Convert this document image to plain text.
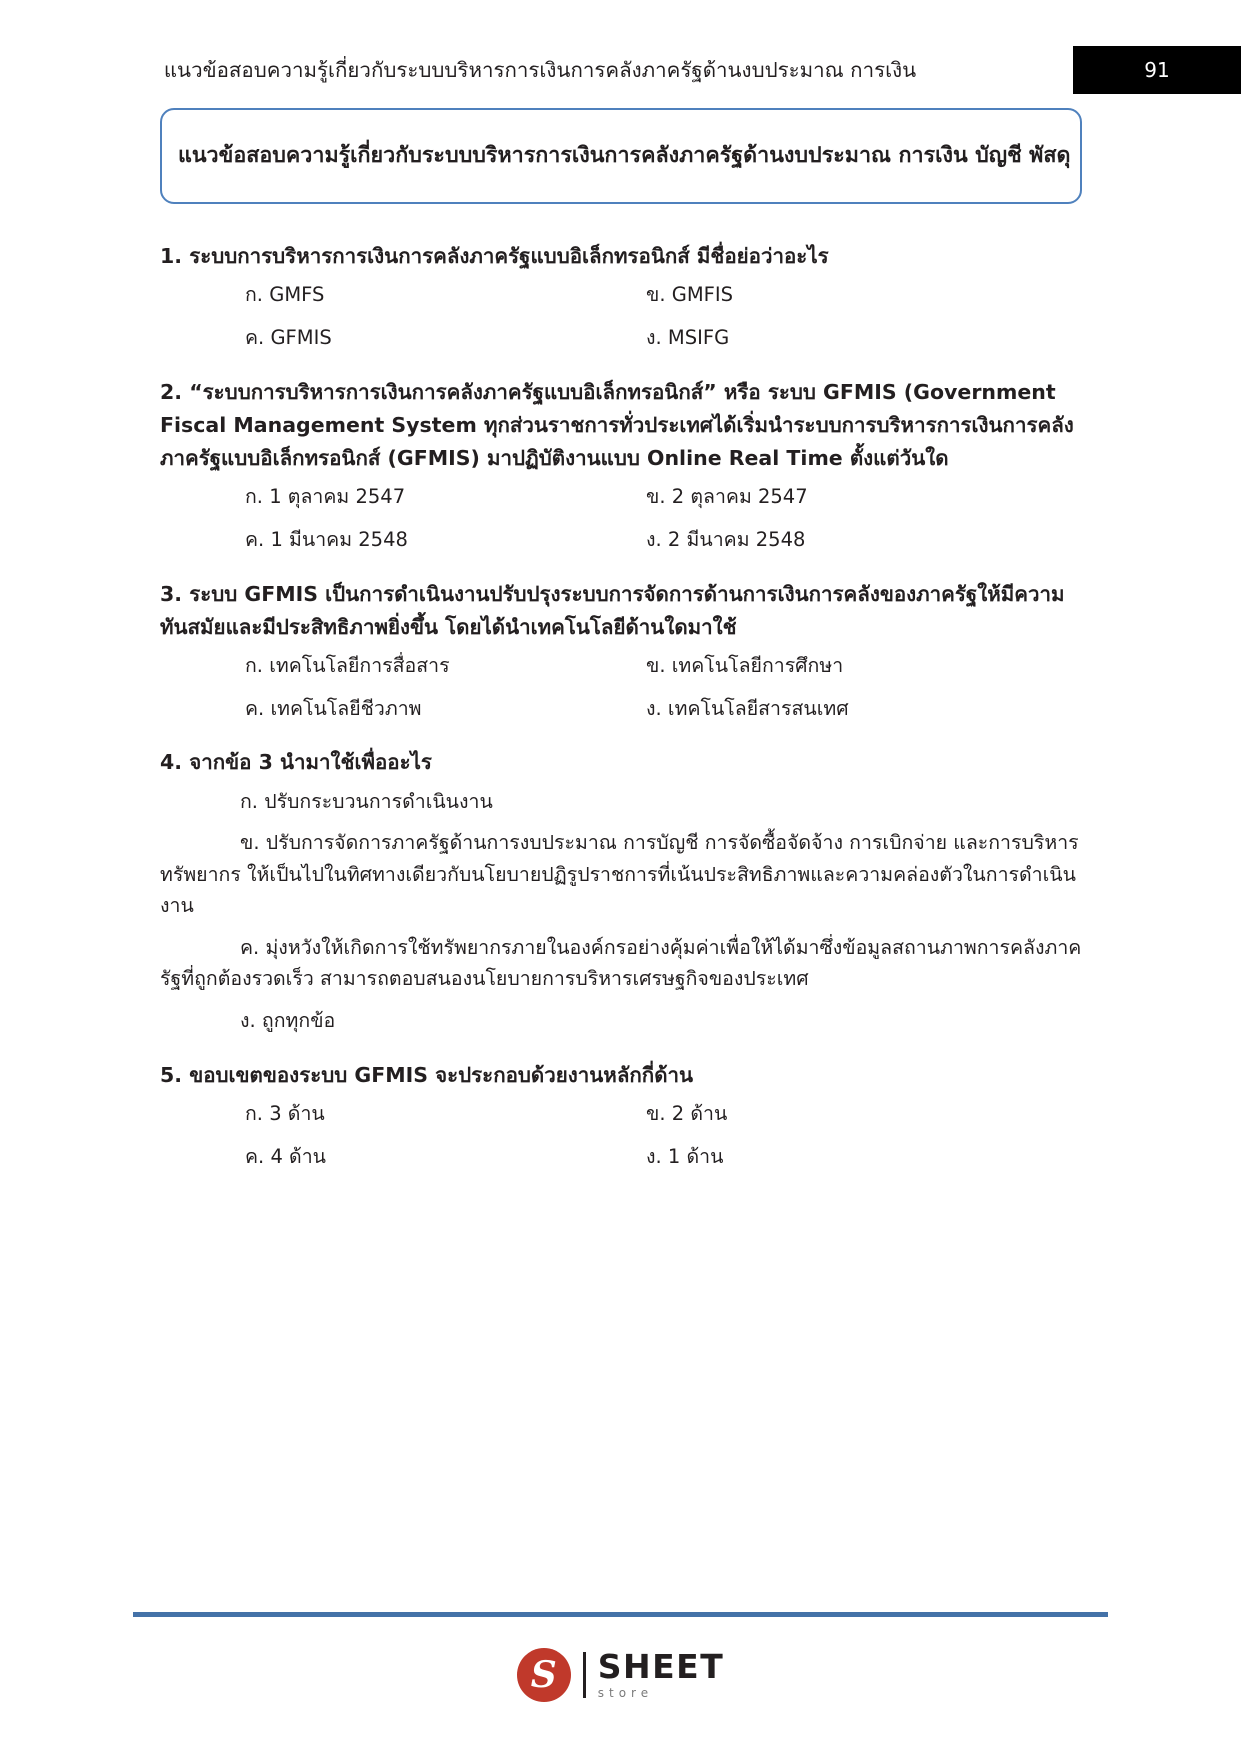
แนวข้อสอบความรู้เกี่ยวกับระบบบริหารการเงินการคลังภาครัฐด้านงบประมาณ การเงิน	91
แนวข้อสอบความรู้เกี่ยวกับระบบบริหารการเงินการคลังภาครัฐด้านงบประมาณ การเงิน บัญชี พัสดุ
1. ระบบการบริหารการเงินการคลังภาครัฐแบบอิเล็กทรอนิกส์ มีชื่อย่อว่าอะไร
ก. GMFS	ข. GMFIS
ค. GFMIS	ง. MSIFG
2. “ระบบการบริหารการเงินการคลังภาครัฐแบบอิเล็กทรอนิกส์” หรือ ระบบ GFMIS (Government Fiscal Management System ทุกส่วนราชการทั่วประเทศได้เริ่มนำระบบการบริหารการเงินการคลังภาครัฐแบบอิเล็กทรอนิกส์ (GFMIS) มาปฏิบัติงานแบบ Online Real Time ตั้งแต่วันใด
ก. 1 ตุลาคม 2547	ข. 2 ตุลาคม 2547
ค. 1 มีนาคม 2548	ง. 2 มีนาคม 2548
3. ระบบ GFMIS เป็นการดำเนินงานปรับปรุงระบบการจัดการด้านการเงินการคลังของภาครัฐให้มีความทันสมัยและมีประสิทธิภาพยิ่งขึ้น โดยได้นำเทคโนโลยีด้านใดมาใช้
ก. เทคโนโลยีการสื่อสาร	ข. เทคโนโลยีการศึกษา
ค. เทคโนโลยีชีวภาพ	ง. เทคโนโลยีสารสนเทศ
4. จากข้อ 3 นำมาใช้เพื่ออะไร
ก. ปรับกระบวนการดำเนินงาน
ข. ปรับการจัดการภาครัฐด้านการงบประมาณ การบัญชี การจัดซื้อจัดจ้าง การเบิกจ่าย และการบริหารทรัพยากร ให้เป็นไปในทิศทางเดียวกับนโยบายปฏิรูปราชการที่เน้นประสิทธิภาพและความคล่องตัวในการดำเนินงาน
ค. มุ่งหวังให้เกิดการใช้ทรัพยากรภายในองค์กรอย่างคุ้มค่าเพื่อให้ได้มาซึ่งข้อมูลสถานภาพการคลังภาครัฐที่ถูกต้องรวดเร็ว สามารถตอบสนองนโยบายการบริหารเศรษฐกิจของประเทศ
ง. ถูกทุกข้อ
5. ขอบเขตของระบบ GFMIS จะประกอบด้วยงานหลักกี่ด้าน
ก. 3 ด้าน	ข. 2 ด้าน
ค. 4 ด้าน	ง. 1 ด้าน
S SHEET
store
